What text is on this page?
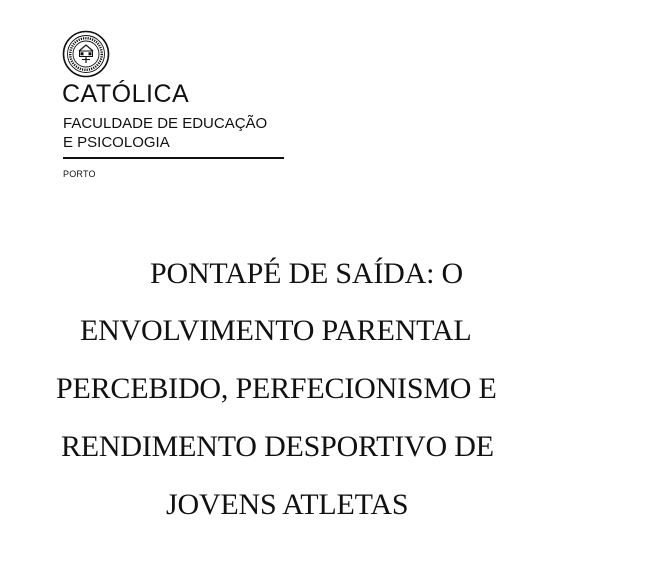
CATÓLICA
FACULDADE DE EDUCAÇÃO
E PSICOLOGIA
PORTO
PONTAPÉ DE SAÍDA: O
ENVOLVIMENTO PARENTAL
PERCEBIDO, PERFECIONISMO E
RENDIMENTO DESPORTIVO DE
JOVENS ATLETAS
